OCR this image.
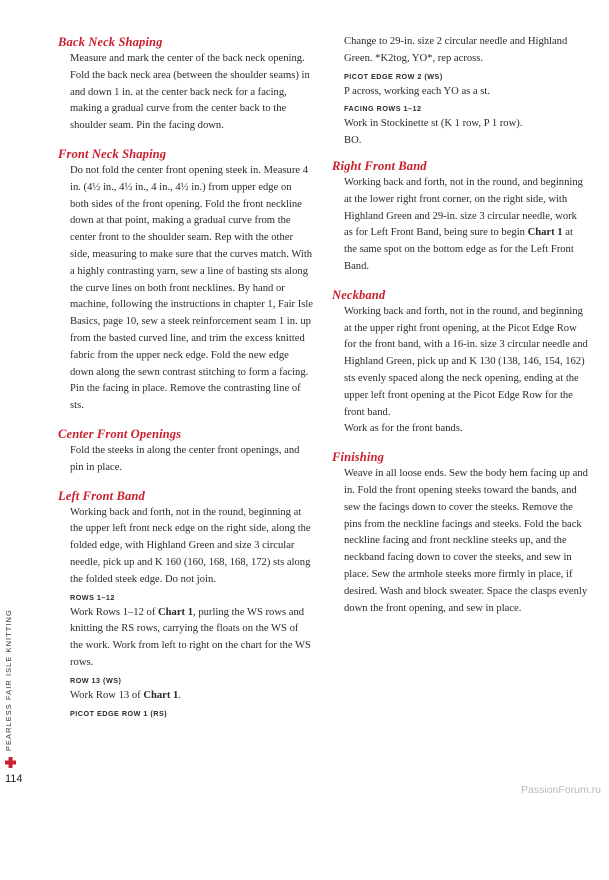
Back Neck Shaping

Measure and mark the center of the back neck opening. Fold the back neck area (between the shoulder seams) in and down 1 in. at the center back neck for a facing, making a gradual curve from the center back to the shoulder seam. Pin the facing down.

Front Neck Shaping

Do not fold the center front opening steek in. Measure 4 in. (4½ in., 4½ in., 4 in., 4½ in.) from upper edge on both sides of the front opening. Fold the front neckline down at that point, making a gradual curve from the center front to the shoulder seam. Rep with the other side, measuring to make sure that the curves match. With a highly contrasting yarn, sew a line of basting sts along the curve lines on both front necklines. By hand or machine, following the instructions in chapter 1, Fair Isle Basics, page 10, sew a steek reinforcement seam 1 in. up from the basted curved line, and trim the excess knitted fabric from the upper neck edge. Fold the new edge down along the sewn contrast stitching to form a facing. Pin the facing in place. Remove the contrasting line of sts.

Center Front Openings

Fold the steeks in along the center front openings, and pin in place.

Left Front Band

Working back and forth, not in the round, beginning at the upper left front neck edge on the right side, along the folded edge, with Highland Green and size 3 circular needle, pick up and K 160 (160, 168, 168, 172) sts along the folded steek edge. Do not join.

ROWS 1–12

Work Rows 1–12 of Chart 1, purling the WS rows and knitting the RS rows, carrying the floats on the WS of the work. Work from left to right on the chart for the WS rows.

ROW 13 (WS)

Work Row 13 of Chart 1.

PICOT EDGE ROW 1 (RS)

Change to 29-in. size 2 circular needle and Highland Green. *K2tog, YO*, rep across.

PICOT EDGE ROW 2 (WS)

P across, working each YO as a st.

FACING ROWS 1–12

Work in Stockinette st (K 1 row, P 1 row).

BO.

Right Front Band

Working back and forth, not in the round, and beginning at the lower right front corner, on the right side, with Highland Green and 29-in. size 3 circular needle, work as for Left Front Band, being sure to begin Chart 1 at the same spot on the bottom edge as for the Left Front Band.

Neckband

Working back and forth, not in the round, and beginning at the upper right front opening, at the Picot Edge Row for the front band, with a 16-in. size 3 circular needle and Highland Green, pick up and K 130 (138, 146, 154, 162) sts evenly spaced along the neck opening, ending at the upper left front opening at the Picot Edge Row for the front band.

Work as for the front bands.

Finishing

Weave in all loose ends. Sew the body hem facing up and in. Fold the front opening steeks toward the bands, and sew the facings down to cover the steeks. Remove the pins from the neckline facings and steeks. Fold the back neckline facing and front neckline steeks up, and the neckband facing down to cover the steeks, and sew in place. Sew the armhole steeks more firmly in place, if desired. Wash and block sweater. Space the clasps evenly down the front opening, and sew in place.

PEARLESS FAIR ISLE KNITTING
114
PassionForum.ru
